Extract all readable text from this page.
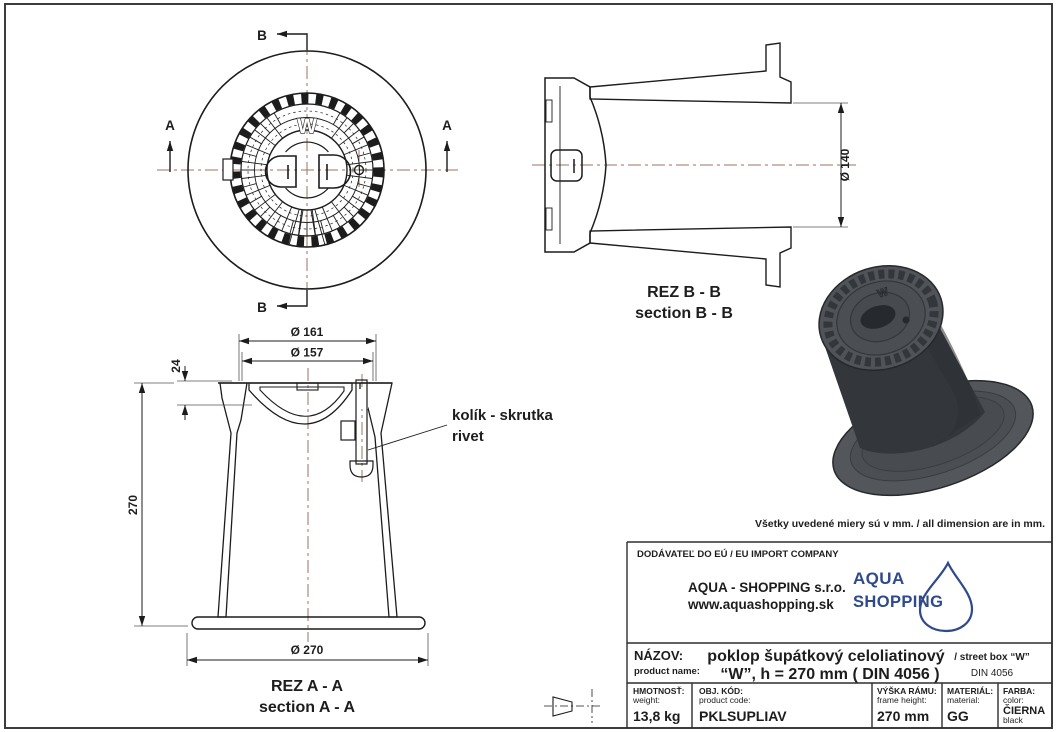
W
B
B
A	A
Ø 140
REZ B - B
section B - B
Ø 161
Ø 157
24
270
Ø 270
kolík - skrutka
rivet
REZ A - A
section A - A
W
Všetky uvedené miery sú v mm. / all dimension are in mm.
DODÁVATEĽ DO EÚ / EU IMPORT COMPANY
AQUA - SHOPPING s.r.o.
www.aquashopping.sk
AQUA
SHOPPING
NÁZOV:
product name:
poklop šupátkový celoliatinový
“W”, h = 270 mm ( DIN 4056 )
/ street box “W”
DIN 4056
HMOTNOSŤ:
weight:
13,8 kg
OBJ. KÓD:
product code:
PKLSUPLIAV
VÝŠKA RÁMU:
frame height:
270 mm
MATERIÁL:
material:
GG
FARBA:
color:
ČIERNA
black
